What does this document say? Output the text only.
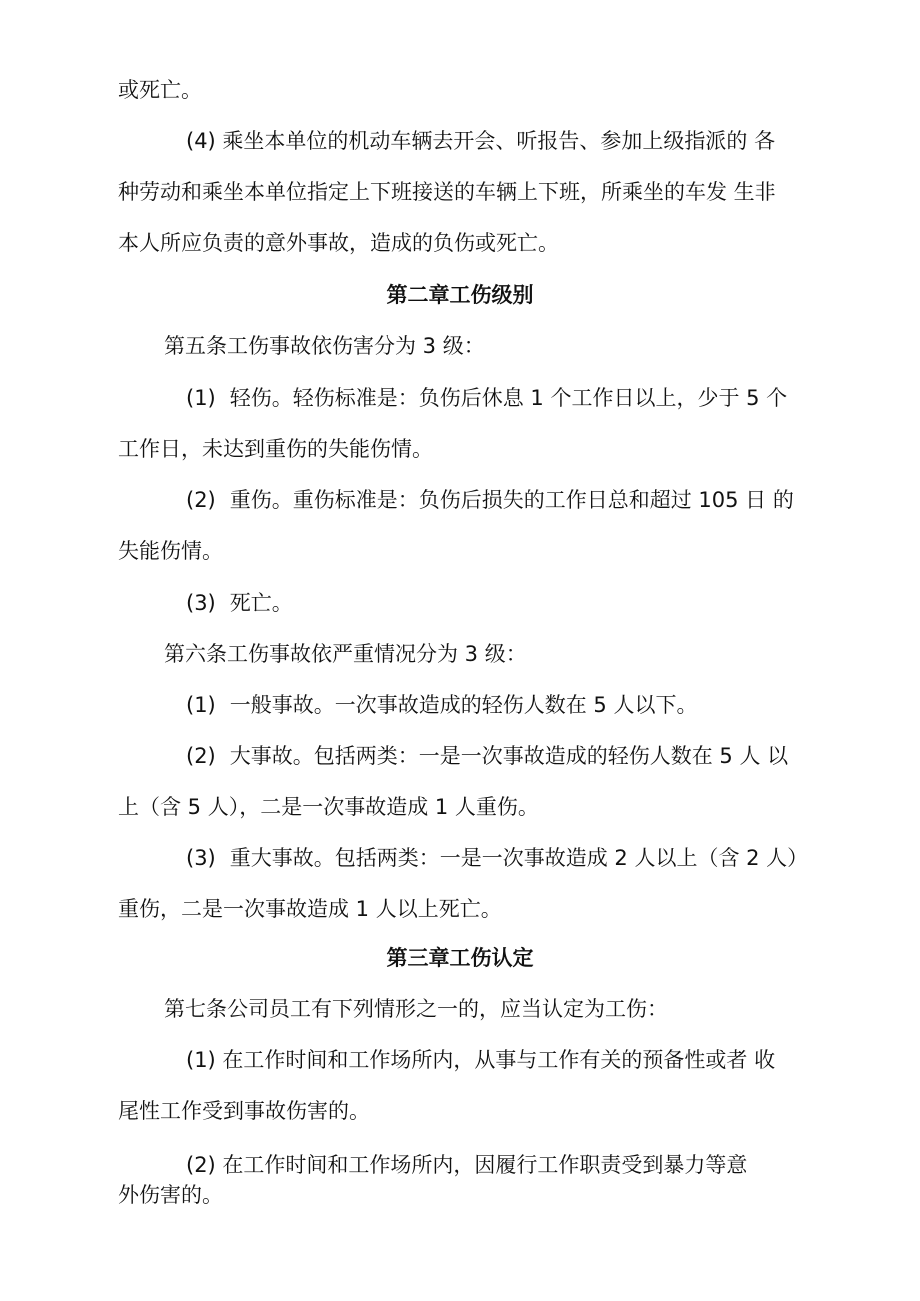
或死亡。
(4) 乘坐本单位的机动车辆去开会、听报告、参加上级指派的 各
种劳动和乘坐本单位指定上下班接送的车辆上下班，所乘坐的车发 生非
本人所应负责的意外事故，造成的负伤或死亡。
第二章工伤级别
第五条工伤事故依伤害分为 3 级：
(1) 轻伤。轻伤标准是：负伤后休息 1 个工作日以上，少于 5 个
工作日，未达到重伤的失能伤情。
(2) 重伤。重伤标准是：负伤后损失的工作日总和超过 105 日 的
失能伤情。
(3) 死亡。
第六条工伤事故依严重情况分为 3 级：
(1) 一般事故。一次事故造成的轻伤人数在 5 人以下。
(2) 大事故。包括两类：一是一次事故造成的轻伤人数在 5 人 以
上（含 5 人），二是一次事故造成 1 人重伤。
(3) 重大事故。包括两类：一是一次事故造成 2 人以上（含 2 人）
重伤，二是一次事故造成 1 人以上死亡。
第三章工伤认定
第七条公司员工有下列情形之一的，应当认定为工伤：
(1) 在工作时间和工作场所内，从事与工作有关的预备性或者 收
尾性工作受到事故伤害的。
(2) 在工作时间和工作场所内，因履行工作职责受到暴力等意
外伤害的。
